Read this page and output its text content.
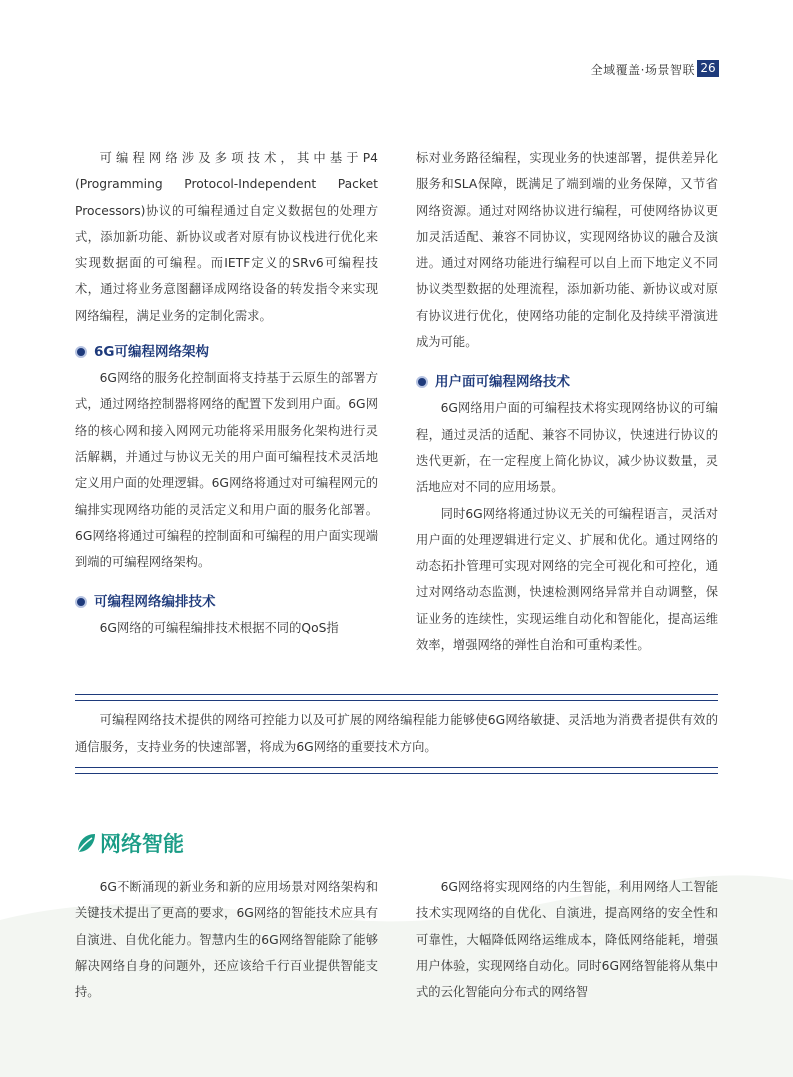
全域覆盖·场景智联 26

可编程网络涉及多项技术，其中基于P4 (Programming Protocol-Independent Packet Processors)协议的可编程通过自定义数据包的处理方式，添加新功能、新协议或者对原有协议栈进行优化来实现数据面的可编程。而IETF定义的SRv6可编程技术，通过将业务意图翻译成网络设备的转发指令来实现网络编程，满足业务的定制化需求。

6G可编程网络架构

6G网络的服务化控制面将支持基于云原生的部署方式，通过网络控制器将网络的配置下发到用户面。6G网络的核心网和接入网网元功能将采用服务化架构进行灵活解耦，并通过与协议无关的用户面可编程技术灵活地定义用户面的处理逻辑。6G网络将通过对可编程网元的编排实现网络功能的灵活定义和用户面的服务化部署。6G网络将通过可编程的控制面和可编程的用户面实现端到端的可编程网络架构。

可编程网络编排技术

6G网络的可编程编排技术根据不同的QoS指

标对业务路径编程，实现业务的快速部署，提供差异化服务和SLA保障，既满足了端到端的业务保障，又节省网络资源。通过对网络协议进行编程，可使网络协议更加灵活适配、兼容不同协议，实现网络协议的融合及演进。通过对网络功能进行编程可以自上而下地定义不同协议类型数据的处理流程，添加新功能、新协议或对原有协议进行优化，使网络功能的定制化及持续平滑演进成为可能。

用户面可编程网络技术

6G网络用户面的可编程技术将实现网络协议的可编程，通过灵活的适配、兼容不同协议，快速进行协议的迭代更新，在一定程度上简化协议，减少协议数量，灵活地应对不同的应用场景。

同时6G网络将通过协议无关的可编程语言，灵活对用户面的处理逻辑进行定义、扩展和优化。通过网络的动态拓扑管理可实现对网络的完全可视化和可控化，通过对网络动态监测，快速检测网络异常并自动调整，保证业务的连续性，实现运维自动化和智能化，提高运维效率，增强网络的弹性自治和可重构柔性。

可编程网络技术提供的网络可控能力以及可扩展的网络编程能力能够使6G网络敏捷、灵活地为消费者提供有效的通信服务，支持业务的快速部署，将成为6G网络的重要技术方向。
网络智能

6G不断涌现的新业务和新的应用场景对网络架构和关键技术提出了更高的要求，6G网络的智能技术应具有自演进、自优化能力。智慧内生的6G网络智能除了能够解决网络自身的问题外，还应该给千行百业提供智能支持。

6G网络将实现网络的内生智能，利用网络人工智能技术实现网络的自优化、自演进，提高网络的安全性和可靠性，大幅降低网络运维成本，降低网络能耗，增强用户体验，实现网络自动化。同时6G网络智能将从集中式的云化智能向分布式的网络智
